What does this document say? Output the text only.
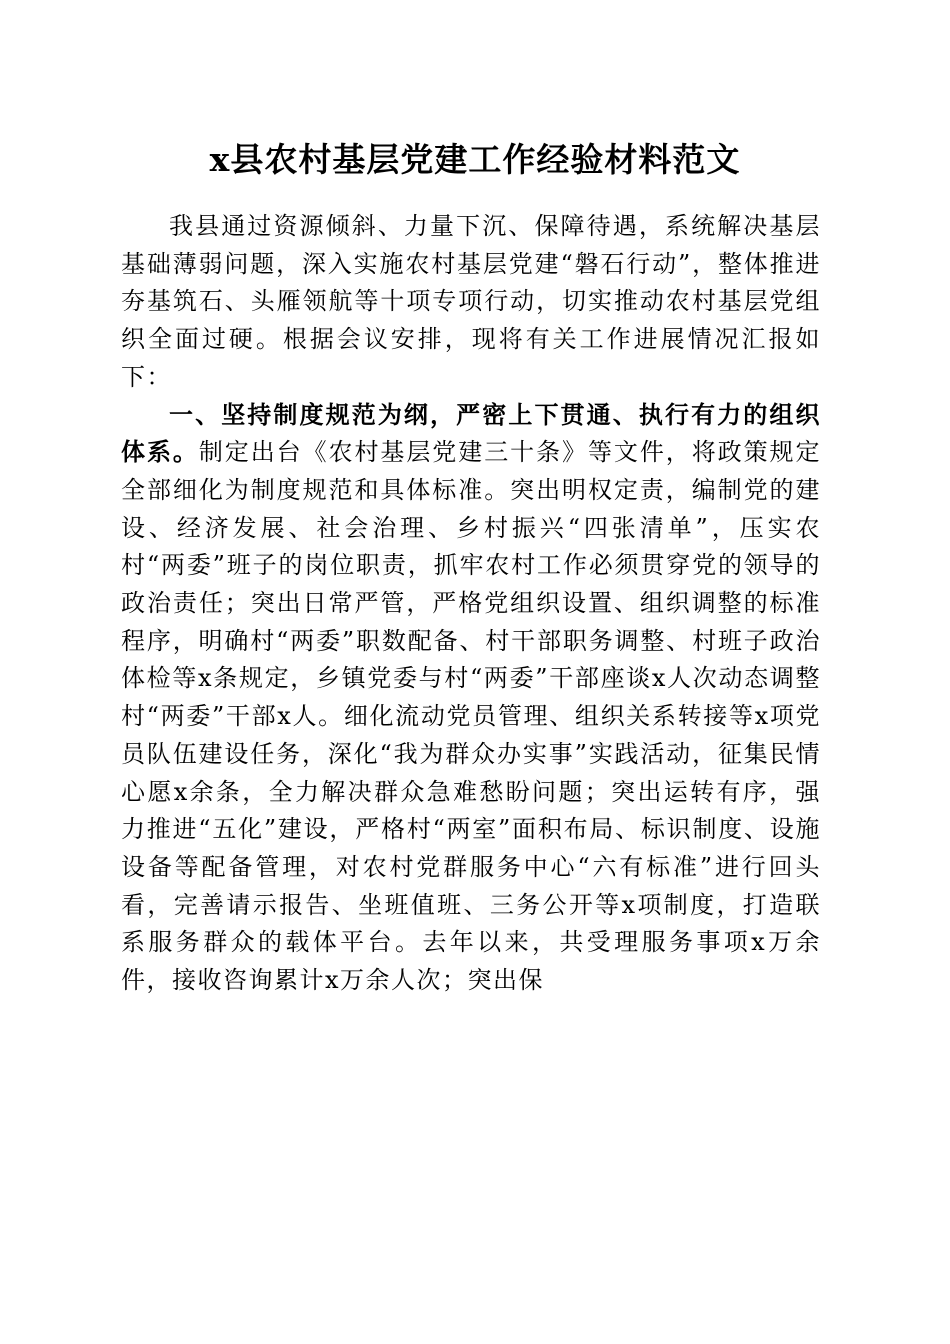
x县农村基层党建工作经验材料范文

我县通过资源倾斜、力量下沉、保障待遇，系统解决基层基础薄弱问题，深入实施农村基层党建“磐石行动”，整体推进夯基筑石、头雁领航等十项专项行动，切实推动农村基层党组织全面过硬。根据会议安排，现将有关工作进展情况汇报如下：

一、坚持制度规范为纲，严密上下贯通、执行有力的组织体系。制定出台《农村基层党建三十条》等文件，将政策规定全部细化为制度规范和具体标准。突出明权定责，编制党的建设、经济发展、社会治理、乡村振兴“四张清单”，压实农村“两委”班子的岗位职责，抓牢农村工作必须贯穿党的领导的政治责任；突出日常严管，严格党组织设置、组织调整的标准程序，明确村“两委”职数配备、村干部职务调整、村班子政治体检等x条规定，乡镇党委与村“两委”干部座谈x人次动态调整村“两委”干部x人。细化流动党员管理、组织关系转接等x项党员队伍建设任务，深化“我为群众办实事”实践活动，征集民情心愿x余条，全力解决群众急难愁盼问题；突出运转有序，强力推进“五化”建设，严格村“两室”面积布局、标识制度、设施设备等配备管理，对农村党群服务中心“六有标准”进行回头看，完善请示报告、坐班值班、三务公开等x项制度，打造联系服务群众的载体平台。去年以来，共受理服务事项x万余件，接收咨询累计x万余人次；突出保
